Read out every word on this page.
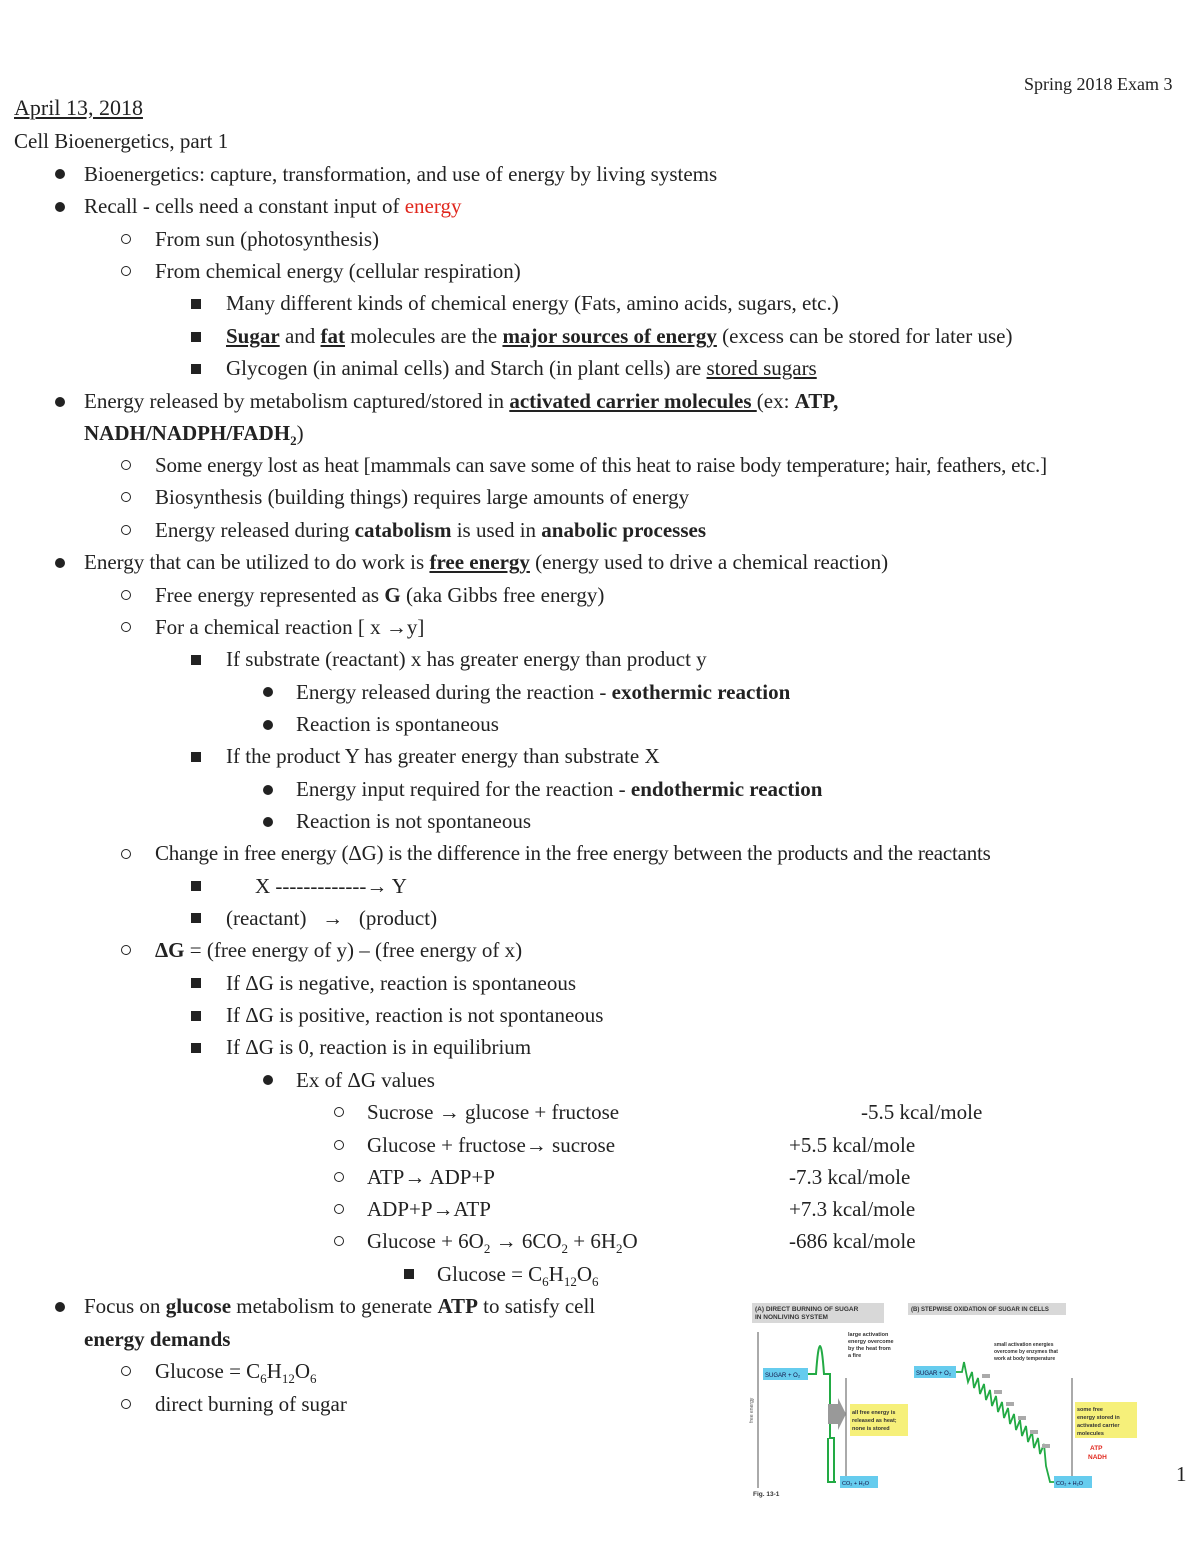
Spring 2018 Exam 3
April 13, 2018
Cell Bioenergetics, part 1
Bioenergetics: capture, transformation, and use of energy by living systems
Recall - cells need a constant input of energy
From sun (photosynthesis)
From chemical energy (cellular respiration)
Many different kinds of chemical energy (Fats, amino acids, sugars, etc.)
Sugar and fat molecules are the major sources of energy (excess can be stored for later use)
Glycogen (in animal cells) and Starch (in plant cells) are stored sugars
Energy released by metabolism captured/stored in activated carrier molecules (ex: ATP,
NADH/$NADPH/FADH_2$)
Some energy lost as heat [mammals can save some of this heat to raise body temperature; hair, feathers, etc.]
Biosynthesis (building things) requires large amounts of energy
Energy released during catabolism is used in anabolic processes
Energy that can be utilized to do work is free energy (energy used to drive a chemical reaction)
Free energy represented as G (aka Gibbs free energy)
For a chemical reaction [ x →y]
If substrate (reactant) x has greater energy than product y
Energy released during the reaction - exothermic reaction
Reaction is spontaneous
If the product Y has greater energy than substrate X
Energy input required for the reaction - endothermic reaction
Reaction is not spontaneous
Change in free energy (ΔG) is the difference in the free energy between the products and the reactants
X -------------→ Y
(reactant)   →   (product)
ΔG = (free energy of y) – (free energy of x)
If ΔG is negative, reaction is spontaneous
If ΔG is positive, reaction is not spontaneous
If ΔG is 0, reaction is in equilibrium
Ex of ΔG values
Sucrose → glucose + fructose	-5.5 kcal/mole
Glucose + fructose→ sucrose	+5.5 kcal/mole
ATP→ ADP+P	-7.3 kcal/mole
ADP+P→ATP	+7.3 kcal/mole
$Glucose + 6O_2 \to 6CO_2 + 6H_2O$	-686 kcal/mole
$Glucose = C_6H_{12}O_6$
Focus on glucose metabolism to generate ATP to satisfy cell
energy demands
$Glucose = C_6H_{12}O_6$
direct burning of sugar
1
(A) DIRECT BURNING OF SUGAR
IN NONLIVING SYSTEM
(B) STEPWISE OXIDATION OF SUGAR IN CELLS
free energy
SUGAR + O₂
large activation
energy overcome
by the heat from
a fire
all free energy is
released as heat;
none is stored
CO₂ + H₂O
SUGAR + O₂
small activation energies
overcome by enzymes that
work at body temperature
some free
energy stored in
activated carrier
molecules
ATP
NADH
CO₂ + H₂O
Fig. 13-1
